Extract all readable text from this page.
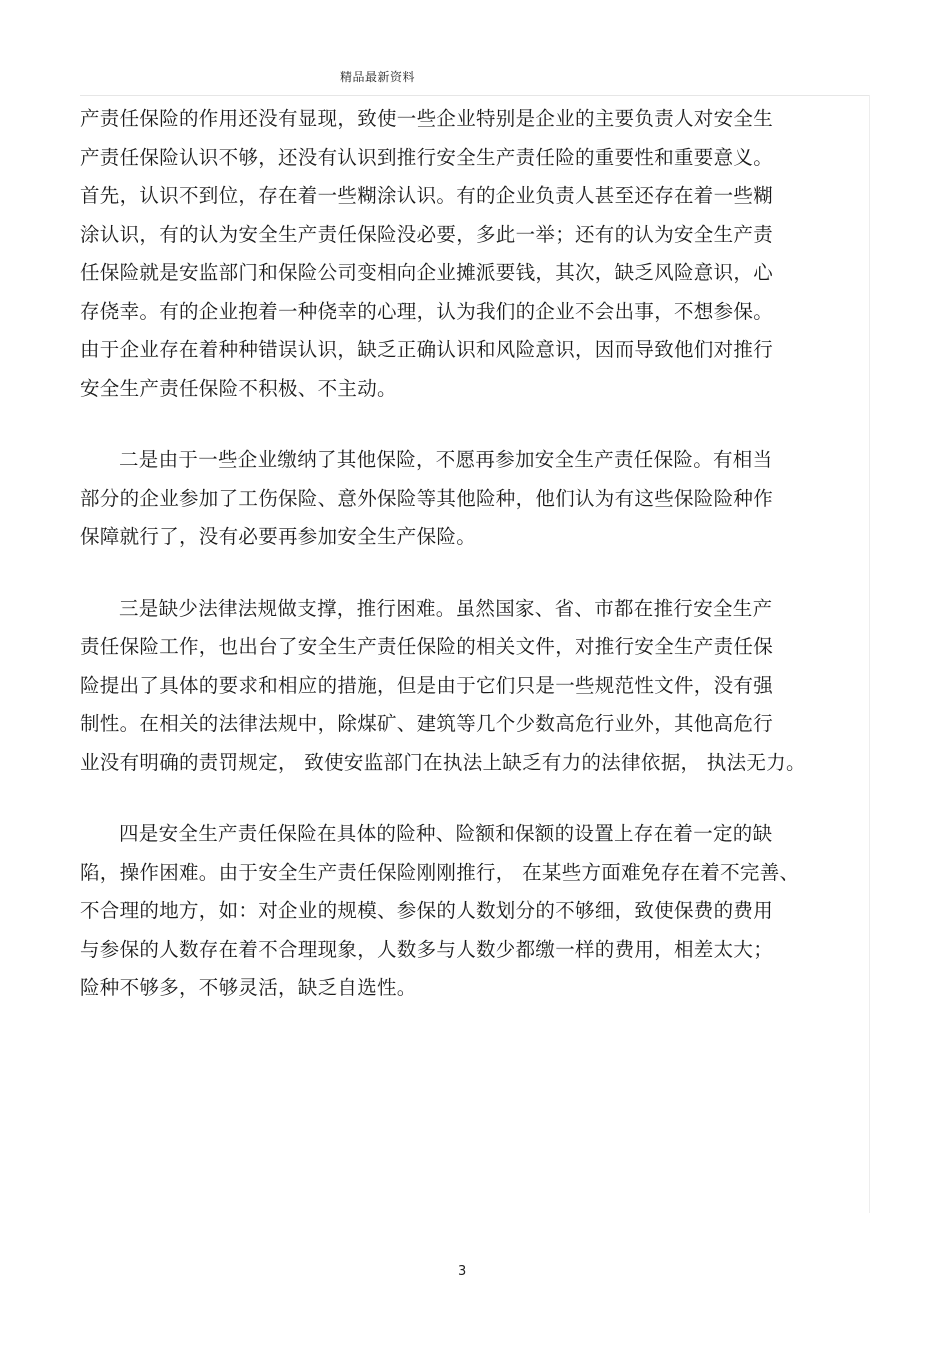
精品最新资料
产责任保险的作用还没有显现，致使一些企业特别是企业的主要负责人对安全生
产责任保险认识不够，还没有认识到推行安全生产责任险的重要性和重要意义。
首先，认识不到位，存在着一些糊涂认识。有的企业负责人甚至还存在着一些糊
涂认识，有的认为安全生产责任保险没必要，多此一举；还有的认为安全生产责
任保险就是安监部门和保险公司变相向企业摊派要钱，其次，缺乏风险意识，心
存侥幸。有的企业抱着一种侥幸的心理，认为我们的企业不会出事，不想参保。
由于企业存在着种种错误认识，缺乏正确认识和风险意识，因而导致他们对推行
安全生产责任保险不积极、不主动。
二是由于一些企业缴纳了其他保险，不愿再参加安全生产责任保险。有相当
部分的企业参加了工伤保险、意外保险等其他险种，他们认为有这些保险险种作
保障就行了，没有必要再参加安全生产保险。
三是缺少法律法规做支撑，推行困难。虽然国家、省、市都在推行安全生产
责任保险工作，也出台了安全生产责任保险的相关文件，对推行安全生产责任保
险提出了具体的要求和相应的措施，但是由于它们只是一些规范性文件，没有强
制性。在相关的法律法规中，除煤矿、建筑等几个少数高危行业外，其他高危行
业没有明确的责罚规定， 致使安监部门在执法上缺乏有力的法律依据， 执法无力。
四是安全生产责任保险在具体的险种、险额和保额的设置上存在着一定的缺
陷，操作困难。由于安全生产责任保险刚刚推行， 在某些方面难免存在着不完善、
不合理的地方，如：对企业的规模、参保的人数划分的不够细，致使保费的费用
与参保的人数存在着不合理现象，人数多与人数少都缴一样的费用，相差太大；
险种不够多，不够灵活，缺乏自选性。
3
